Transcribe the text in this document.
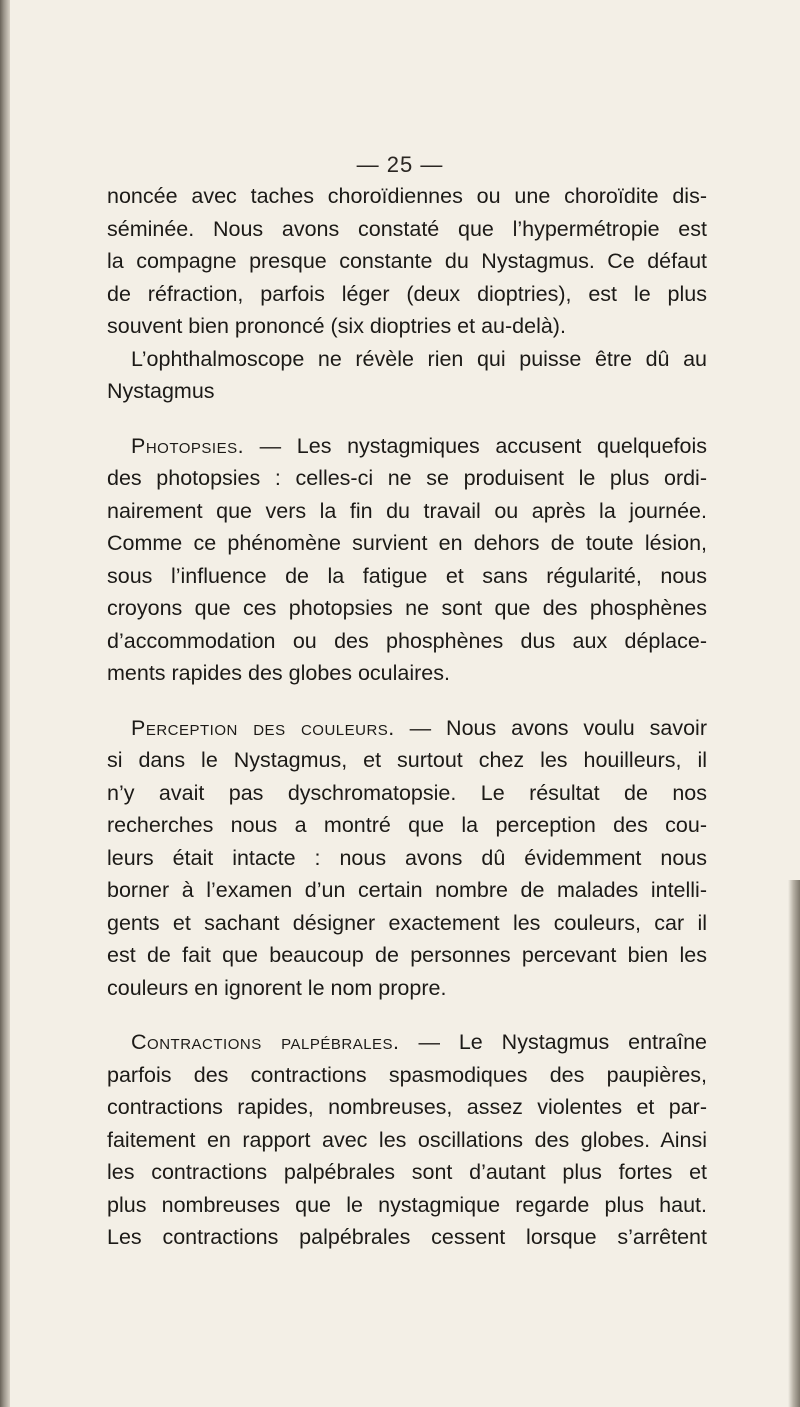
— 25 —
noncée avec taches choroïdiennes ou une choroïdite dis-
séminée. Nous avons constaté que l’hypermétropie est
la compagne presque constante du Nystagmus. Ce défaut
de réfraction, parfois léger (deux dioptries), est le plus
souvent bien prononcé (six dioptries et au-delà).
L’ophthalmoscope ne révèle rien qui puisse être dû au
Nystagmus
Photopsies. — Les nystagmiques accusent quelquefois
des photopsies : celles-ci ne se produisent le plus ordi-
nairement que vers la fin du travail ou après la journée.
Comme ce phénomène survient en dehors de toute lésion,
sous l’influence de la fatigue et sans régularité, nous
croyons que ces photopsies ne sont que des phosphènes
d’accommodation ou des phosphènes dus aux déplace-
ments rapides des globes oculaires.
Perception des couleurs. — Nous avons voulu savoir
si dans le Nystagmus, et surtout chez les houilleurs, il
n’y avait pas dyschromatopsie. Le résultat de nos
recherches nous a montré que la perception des cou-
leurs était intacte : nous avons dû évidemment nous
borner à l’examen d’un certain nombre de malades intelli-
gents et sachant désigner exactement les couleurs, car il
est de fait que beaucoup de personnes percevant bien les
couleurs en ignorent le nom propre.
Contractions palpébrales. — Le Nystagmus entraîne
parfois des contractions spasmodiques des paupières,
contractions rapides, nombreuses, assez violentes et par-
faitement en rapport avec les oscillations des globes. Ainsi
les contractions palpébrales sont d’autant plus fortes et
plus nombreuses que le nystagmique regarde plus haut.
Les contractions palpébrales cessent lorsque s’arrêtent
